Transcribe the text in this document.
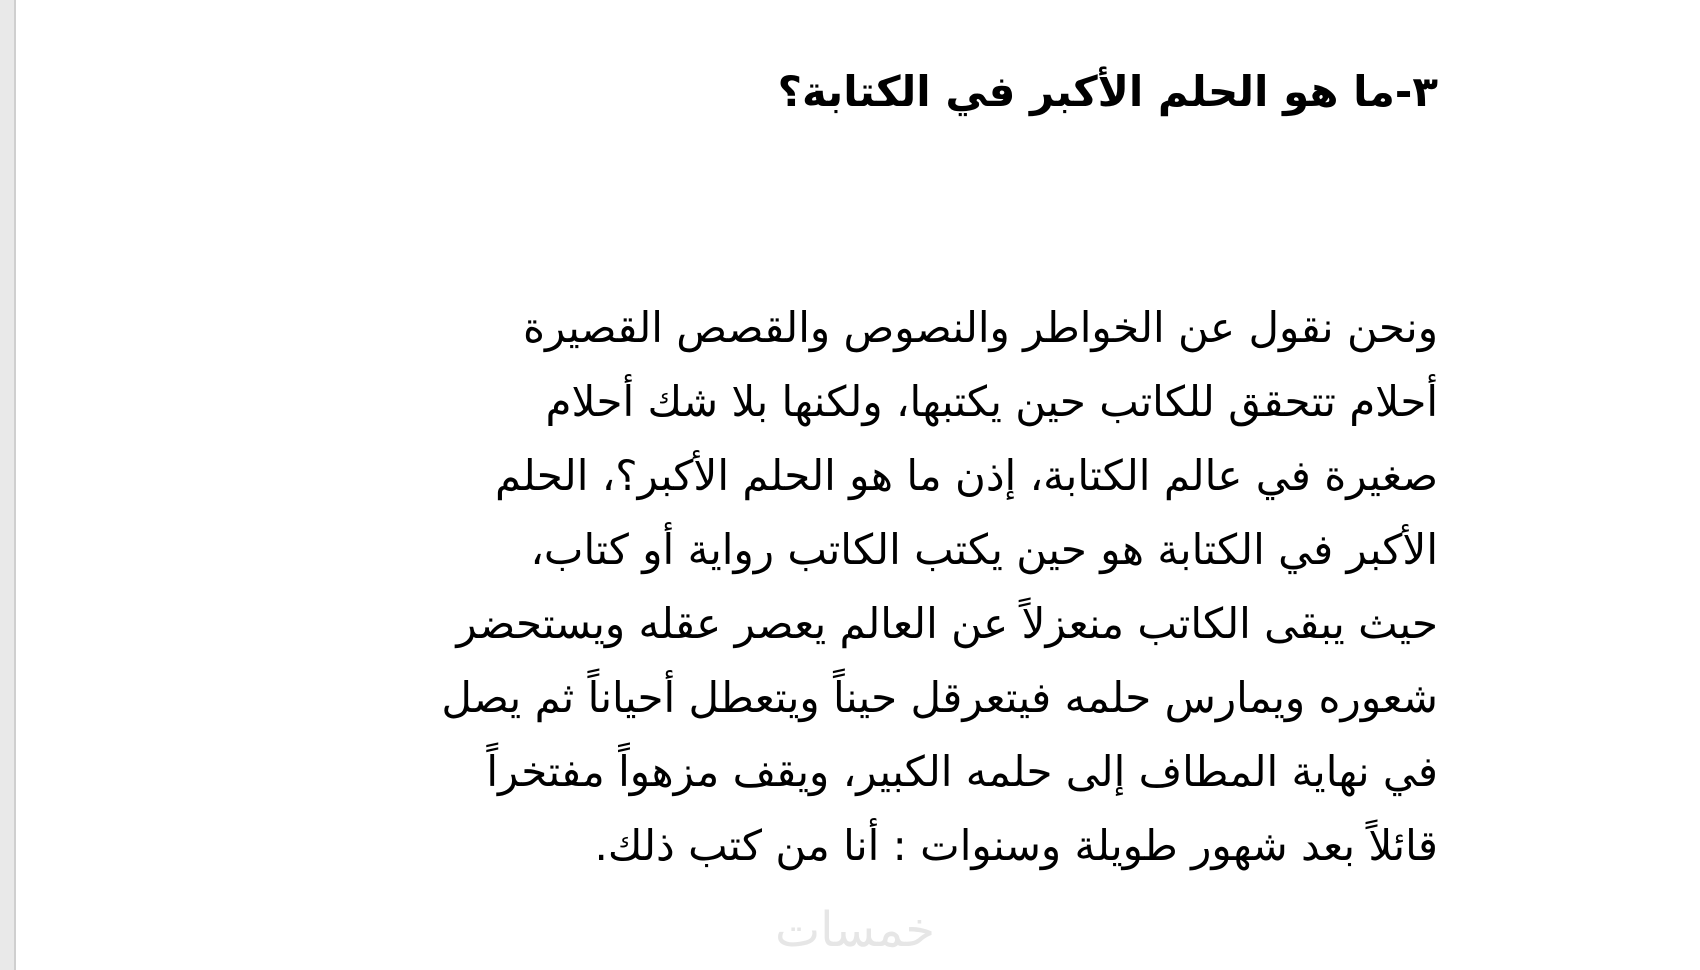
٣-ما هو الحلم الأكبر في الكتابة؟
ونحن نقول عن الخواطر والنصوص والقصص القصيرة
أحلام تتحقق للكاتب حين يكتبها، ولكنها بلا شك أحلام
صغيرة في عالم الكتابة، إذن ما هو الحلم الأكبر؟، الحلم
الأكبر في الكتابة هو حين يكتب الكاتب رواية أو كتاب،
حيث يبقى الكاتب منعزلاً عن العالم يعصر عقله ويستحضر
شعوره ويمارس حلمه فيتعرقل حيناً ويتعطل أحياناً ثم يصل
في نهاية المطاف إلى حلمه الكبير، ويقف مزهواً مفتخراً
قائلاً بعد شهور طويلة وسنوات : أنا من كتب ذلك.
خمسات
